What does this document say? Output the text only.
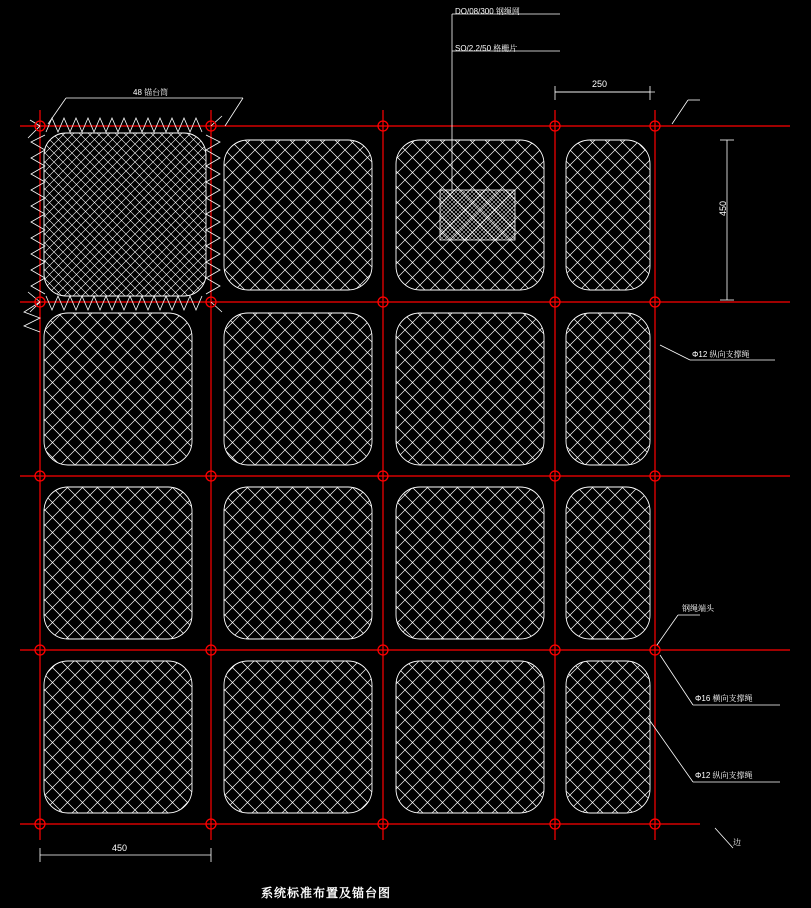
DO/08/300 钢绳网
SO/2.2/50 格栅片
48 锚台筒
Φ12 纵向支撑绳
钢绳端头
Φ16 横向支撑绳
Φ12 纵向支撑绳
边
250
450
450
系统标准布置及锚台图
